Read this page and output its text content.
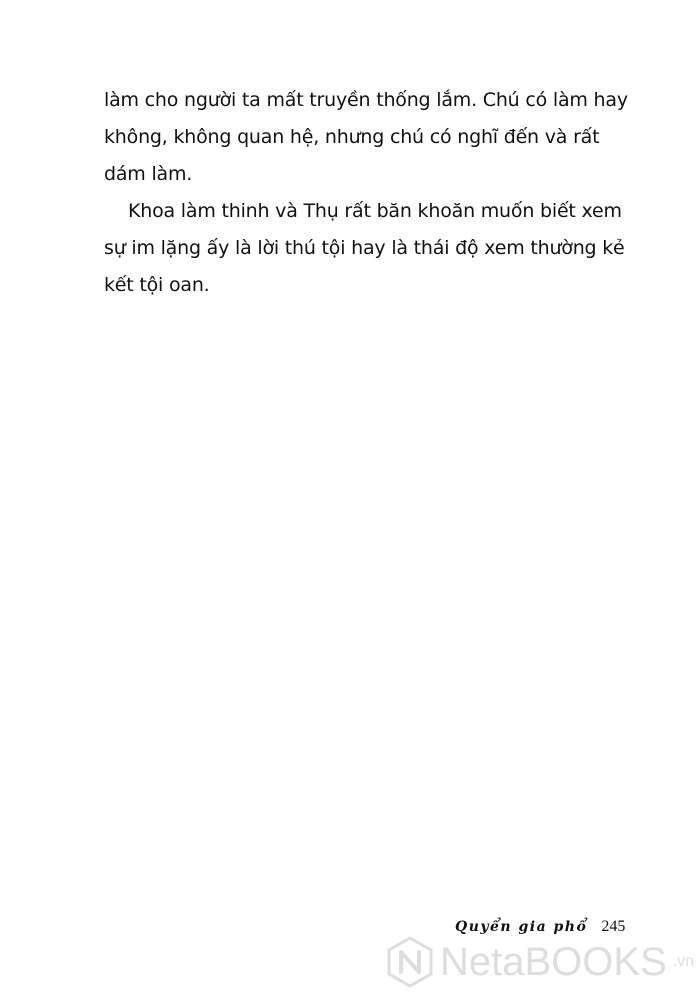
làm cho người ta mất truyền thống lắm. Chú có làm hay
không, không quan hệ, nhưng chú có nghĩ đến và rất
dám làm.
Khoa làm thinh và Thụ rất băn khoăn muốn biết xem
sự im lặng ấy là lời thú tội hay là thái độ xem thường kẻ
kết tội oan.
Quyển gia phổ 245
NetaBOOKS .vn
